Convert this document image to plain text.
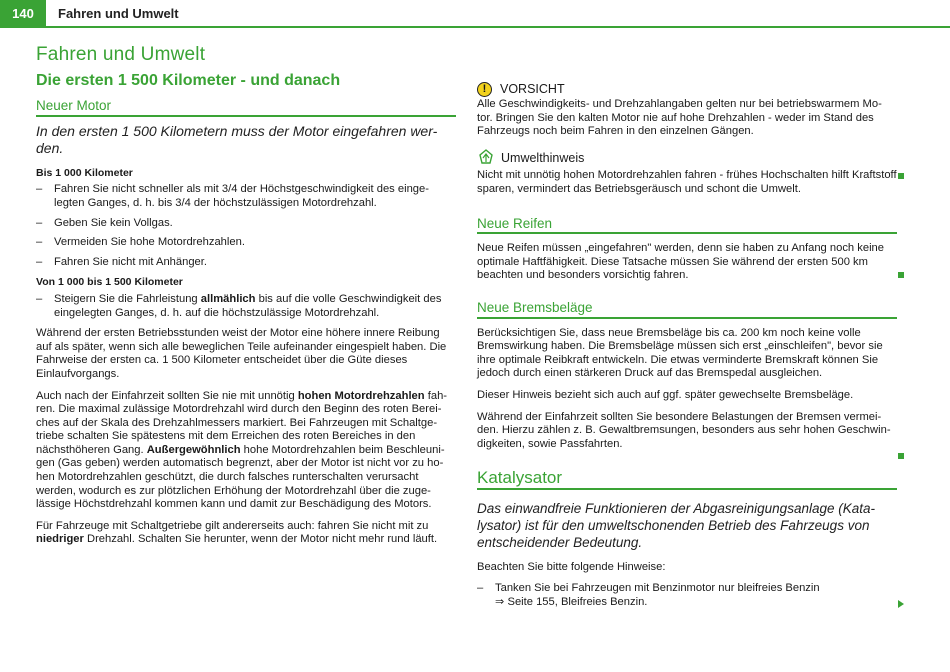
140	Fahren und Umwelt
Fahren und Umwelt
Die ersten 1 500 Kilometer - und danach
Neuer Motor
In den ersten 1 500 Kilometern muss der Motor eingefahren wer-den.
Bis 1 000 Kilometer
– Fahren Sie nicht schneller als mit 3/4 der Höchstgeschwindigkeit des einge-legten Ganges, d. h. bis 3/4 der höchstzulässigen Motordrehzahl.
– Geben Sie kein Vollgas.
– Vermeiden Sie hohe Motordrehzahlen.
– Fahren Sie nicht mit Anhänger.
Von 1 000 bis 1 500 Kilometer
– Steigern Sie die Fahrleistung allmählich bis auf die volle Geschwindigkeit des eingelegten Ganges, d. h. auf die höchstzulässige Motordrehzahl.

Während der ersten Betriebsstunden weist der Motor eine höhere innere Reibung auf als später, wenn sich alle beweglichen Teile aufeinander eingespielt haben. Die Fahrweise der ersten ca. 1 500 Kilometer entscheidet über die Güte dieses Einlaufvorgangs.

Auch nach der Einfahrzeit sollten Sie nie mit unnötig hohen Motordrehzahlen fah-ren. Die maximal zulässige Motordrehzahl wird durch den Beginn des roten Berei-ches auf der Skala des Drehzahlmessers markiert. Bei Fahrzeugen mit Schaltge-triebe schalten Sie spätestens mit dem Erreichen des roten Bereiches in den nächsthöheren Gang. Außergewöhnlich hohe Motordrehzahlen beim Beschleuni-gen (Gas geben) werden automatisch begrenzt, aber der Motor ist nicht vor zu ho-hen Motordrehzahlen geschützt, die durch falsches runterschalten verursacht werden, wodurch es zur plötzlichen Erhöhung der Motordrehzahl über die zuge-lässige Höchstdrehzahl kommen kann und damit zur Beschädigung des Motors.

Für Fahrzeuge mit Schaltgetriebe gilt andererseits auch: fahren Sie nicht mit zu niedriger Drehzahl. Schalten Sie herunter, wenn der Motor nicht mehr rund läuft.

!	VORSICHT

Alle Geschwindigkeits- und Drehzahlangaben gelten nur bei betriebswarmem Mo-tor. Bringen Sie den kalten Motor nie auf hohe Drehzahlen - weder im Stand des Fahrzeugs noch beim Fahren in den einzelnen Gängen.

Umwelthinweis

Nicht mit unnötig hohen Motordrehzahlen fahren - frühes Hochschalten hilft Kraftstoff sparen, vermindert das Betriebsgeräusch und schont die Umwelt.

Neue Reifen

Neue Reifen müssen „eingefahren" werden, denn sie haben zu Anfang noch keine optimale Haftfähigkeit. Diese Tatsache müssen Sie während der ersten 500 km beachten und besonders vorsichtig fahren.

Neue Bremsbeläge

Berücksichtigen Sie, dass neue Bremsbeläge bis ca. 200 km noch keine volle Bremswirkung haben. Die Bremsbeläge müssen sich erst „einschleifen", bevor sie ihre optimale Reibkraft entwickeln. Die etwas verminderte Bremskraft können Sie jedoch durch einen stärkeren Druck auf das Bremspedal ausgleichen.

Dieser Hinweis bezieht sich auch auf ggf. später gewechselte Bremsbeläge.

Während der Einfahrzeit sollten Sie besondere Belastungen der Bremsen vermei-den. Hierzu zählen z. B. Gewaltbremsungen, besonders aus sehr hohen Geschwin-digkeiten, sowie Passfahrten.

Katalysator
Das einwandfreie Funktionieren der Abgasreinigungsanlage (Kata-lysator) ist für den umweltschonenden Betrieb des Fahrzeugs von entscheidender Bedeutung.

Beachten Sie bitte folgende Hinweise:

– Tanken Sie bei Fahrzeugen mit Benzinmotor nur bleifreies Benzin
⇒ Seite 155, Bleifreies Benzin.
